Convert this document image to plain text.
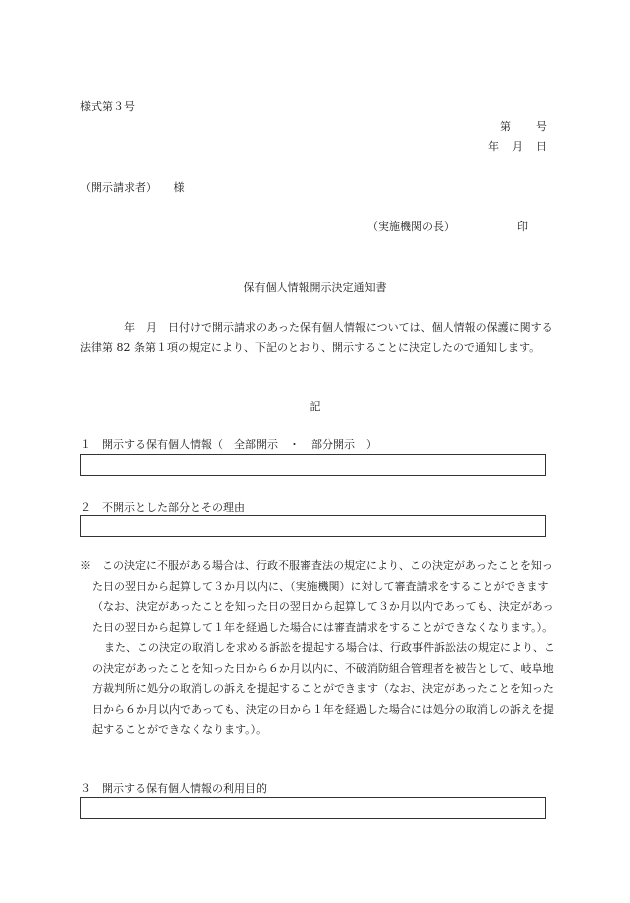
様式第３号
第　　号
年　月　日
（開示請求者）　　様
（実施機関の長）	印
保有個人情報開示決定通知書
　　　　年　月　日付けで開示請求のあった保有個人情報については、個人情報の保護に関する法律第 82 条第１項の規定により、下記のとおり、開示することに決定したので通知します。
記
１　開示する保有個人情報（　全部開示　・　部分開示　）
２　不開示とした部分とその理由

※　この決定に不服がある場合は、行政不服審査法の規定により、この決定があったことを知った日の翌日から起算して３か月以内に、（実施機関）に対して審査請求をすることができます（なお、決定があったことを知った日の翌日から起算して３か月以内であっても、決定があった日の翌日から起算して１年を経過した場合には審査請求をすることができなくなります。）。

また、この決定の取消しを求める訴訟を提起する場合は、行政事件訴訟法の規定により、この決定があったことを知った日から６か月以内に、不破消防組合管理者を被告として、岐阜地方裁判所に処分の取消しの訴えを提起することができます（なお、決定があったことを知った日から６か月以内であっても、決定の日から１年を経過した場合には処分の取消しの訴えを提起することができなくなります。）。

３　開示する保有個人情報の利用目的
